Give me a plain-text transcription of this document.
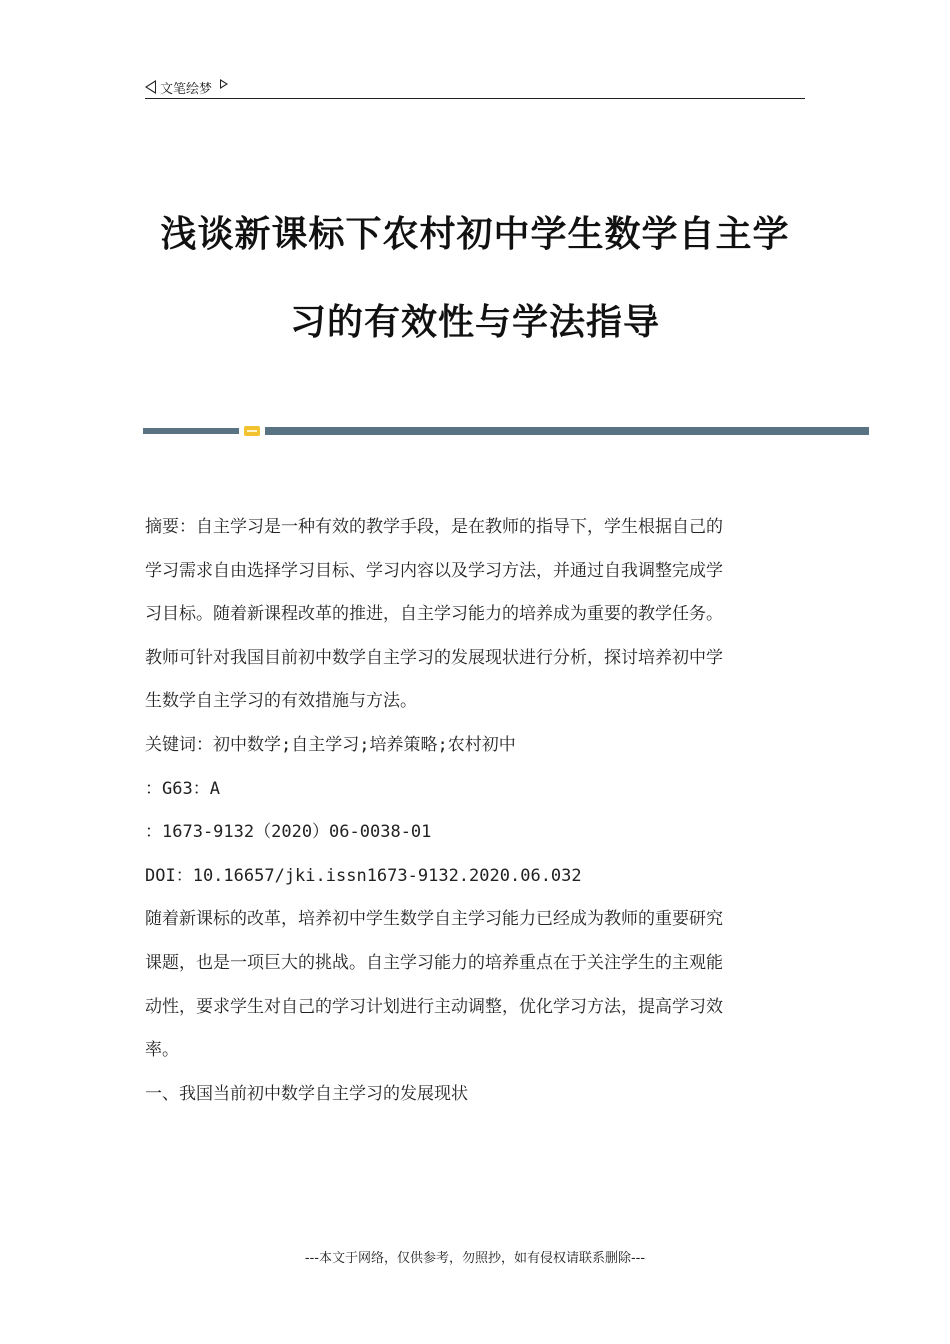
文笔绘梦
浅谈新课标下农村初中学生数学自主学
习的有效性与学法指导

摘要：自主学习是一种有效的教学手段，是在教师的指导下，学生根据自己的

学习需求自由选择学习目标、学习内容以及学习方法，并通过自我调整完成学

习目标。随着新课程改革的推进，自主学习能力的培养成为重要的教学任务。

教师可针对我国目前初中数学自主学习的发展现状进行分析，探讨培养初中学

生数学自主学习的有效措施与方法。

关键词：初中数学;自主学习;培养策略;农村初中

：G63：A

：1673-9132（2020）06-0038-01

DOI：10.16657/jki.issn1673-9132.2020.06.032

随着新课标的改革，培养初中学生数学自主学习能力已经成为教师的重要研究

课题，也是一项巨大的挑战。自主学习能力的培养重点在于关注学生的主观能

动性，要求学生对自己的学习计划进行主动调整，优化学习方法，提高学习效

率。

一、我国当前初中数学自主学习的发展现状

---本文于网络，仅供参考，勿照抄，如有侵权请联系删除---
